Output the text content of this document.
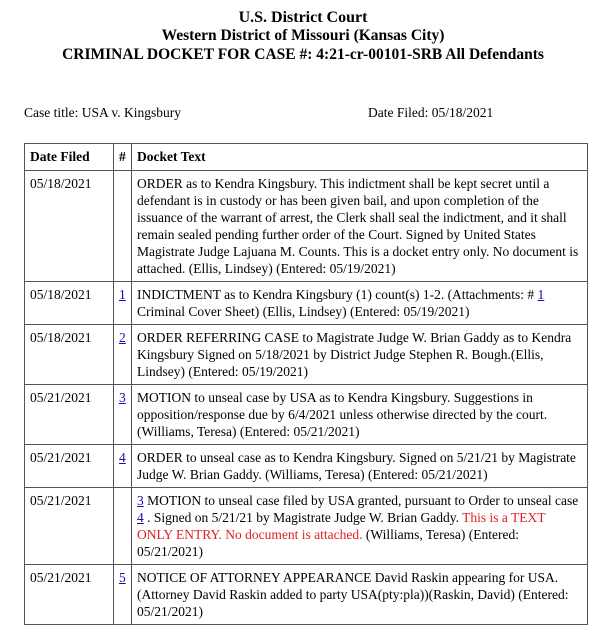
U.S. District Court
Western District of Missouri (Kansas City)
CRIMINAL DOCKET FOR CASE #: 4:21-cr-00101-SRB All Defendants
Case title: USA v. Kingsbury	Date Filed: 05/18/2021
Date Filed	#	Docket Text
05/18/2021		ORDER as to Kendra Kingsbury. This indictment shall be kept secret until a defendant is in custody or has been given bail, and upon completion of the issuance of the warrant of arrest, the Clerk shall seal the indictment, and it shall remain sealed pending further order of the Court. Signed by United States Magistrate Judge Lajuana M. Counts. This is a docket entry only. No document is attached. (Ellis, Lindsey) (Entered: 05/19/2021)
05/18/2021	1	INDICTMENT as to Kendra Kingsbury (1) count(s) 1-2. (Attachments: # 1 Criminal Cover Sheet) (Ellis, Lindsey) (Entered: 05/19/2021)
05/18/2021	2	ORDER REFERRING CASE to Magistrate Judge W. Brian Gaddy as to Kendra Kingsbury Signed on 5/18/2021 by District Judge Stephen R. Bough.(Ellis, Lindsey) (Entered: 05/19/2021)
05/21/2021	3	MOTION to unseal case by USA as to Kendra Kingsbury. Suggestions in opposition/response due by 6/4/2021 unless otherwise directed by the court. (Williams, Teresa) (Entered: 05/21/2021)
05/21/2021	4	ORDER to unseal case as to Kendra Kingsbury. Signed on 5/21/21 by Magistrate Judge W. Brian Gaddy. (Williams, Teresa) (Entered: 05/21/2021)
05/21/2021		3 MOTION to unseal case filed by USA granted, pursuant to Order to unseal case 4 . Signed on 5/21/21 by Magistrate Judge W. Brian Gaddy. This is a TEXT ONLY ENTRY. No document is attached. (Williams, Teresa) (Entered: 05/21/2021)
05/21/2021	5	NOTICE OF ATTORNEY APPEARANCE David Raskin appearing for USA. (Attorney David Raskin added to party USA(pty:pla))(Raskin, David) (Entered: 05/21/2021)
